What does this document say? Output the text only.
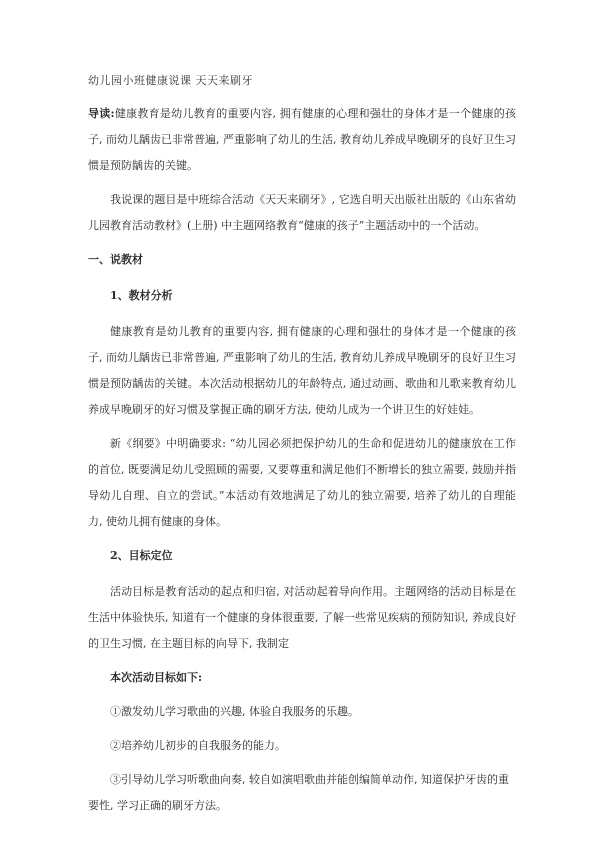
幼儿园小班健康说课 天天来刷牙

导读:健康教育是幼儿教育的重要内容, 拥有健康的心理和强壮的身体才是一个健康的孩子, 而幼儿龋齿已非常普遍, 严重影响了幼儿的生活, 教育幼儿养成早晚刷牙的良好卫生习惯是预防龋齿的关键。

我说课的题目是中班综合活动《天天来刷牙》, 它选自明天出版社出版的《山东省幼儿园教育活动教材》(上册) 中主题网络教育“健康的孩子”主题活动中的一个活动。

一、说教材

1、教材分析

健康教育是幼儿教育的重要内容, 拥有健康的心理和强壮的身体才是一个健康的孩子, 而幼儿龋齿已非常普遍, 严重影响了幼儿的生活, 教育幼儿养成早晚刷牙的良好卫生习惯是预防龋齿的关键。本次活动根据幼儿的年龄特点, 通过动画、歌曲和儿歌来教育幼儿养成早晚刷牙的好习惯及掌握正确的刷牙方法, 使幼儿成为一个讲卫生的好娃娃。

新《纲要》中明确要求: “幼儿园必须把保护幼儿的生命和促进幼儿的健康放在工作的首位, 既要满足幼儿受照顾的需要, 又要尊重和满足他们不断增长的独立需要, 鼓励并指导幼儿自理、自立的尝试。”本活动有效地满足了幼儿的独立需要, 培养了幼儿的自理能力, 使幼儿拥有健康的身体。

2、目标定位

活动目标是教育活动的起点和归宿, 对活动起着导向作用。主题网络的活动目标是在生活中体验快乐, 知道有一个健康的身体很重要, 了解一些常见疾病的预防知识, 养成良好的卫生习惯, 在主题目标的向导下, 我制定

本次活动目标如下:

①激发幼儿学习歌曲的兴趣, 体验自我服务的乐趣。

②培养幼儿初步的自我服务的能力。

③引导幼儿学习听歌曲向奏, 较自如演唱歌曲并能创编简单动作, 知道保护牙齿的重要性, 学习正确的刷牙方法。
